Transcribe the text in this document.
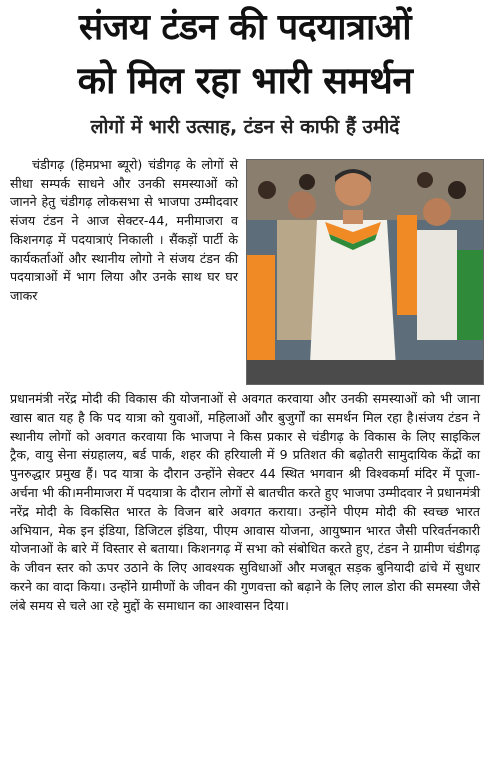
संजय टंडन की पदयात्राओं
को मिल रहा भारी समर्थन
लोगों में भारी उत्साह, टंडन से काफी हैं उमीदें
चंडीगढ़ (हिमप्रभा ब्यूरो) चंडीगढ़ के लोगों से सीधा सम्पर्क साधने और उनकी समस्याओं को जानने हेतु चंडीगढ़ लोकसभा से भाजपा उम्मीदवार संजय टंडन ने आज सेक्टर-44, मनीमाजरा व किशनगढ़ में पदयात्राएं निकाली । सैंकड़ों पार्टी के कार्यकर्ताओं और स्थानीय लोगो ने संजय टंडन की पदयात्राओं में भाग लिया और उनके साथ घर घर जाकर
प्रधानमंत्री नरेंद्र मोदी की विकास की योजनाओं से अवगत करवाया और उनकी समस्याओं को भी जाना खास बात यह है कि पद यात्रा को युवाओं, महिलाओं और बुजुर्गों का समर्थन मिल रहा है।संजय टंडन ने स्थानीय लोगों को अवगत करवाया कि भाजपा ने किस प्रकार से चंडीगढ़ के विकास के लिए साइकिल ट्रैक, वायु सेना संग्रहालय, बर्ड पार्क, शहर की हरियाली में 9 प्रतिशत की बढ़ोतरी सामुदायिक केंद्रों का पुनरुद्धार प्रमुख हैं। पद यात्रा के दौरान उन्होंने सेक्टर 44 स्थित भगवान श्री विश्वकर्मा मंदिर में पूजा-अर्चना भी की।मनीमाजरा में पदयात्रा के दौरान लोगों से बातचीत करते हुए भाजपा उम्मीदवार ने प्रधानमंत्री नरेंद्र मोदी के विकसित भारत के विजन बारे अवगत कराया। उन्होंने पीएम मोदी की स्वच्छ भारत अभियान, मेक इन इंडिया, डिजिटल इंडिया, पीएम आवास योजना, आयुष्मान भारत जैसी परिवर्तनकारी योजनाओं के बारे में विस्तार से बताया। किशनगढ़ में सभा को संबोधित करते हुए, टंडन ने ग्रामीण चंडीगढ़ के जीवन स्तर को ऊपर उठाने के लिए आवश्यक सुविधाओं और मजबूत सड़क बुनियादी ढांचे में सुधार करने का वादा किया। उन्होंने ग्रामीणों के जीवन की गुणवत्ता को बढ़ाने के लिए लाल डोरा की समस्या जैसे लंबे समय से चले आ रहे मुद्दों के समाधान का आश्वासन दिया।
